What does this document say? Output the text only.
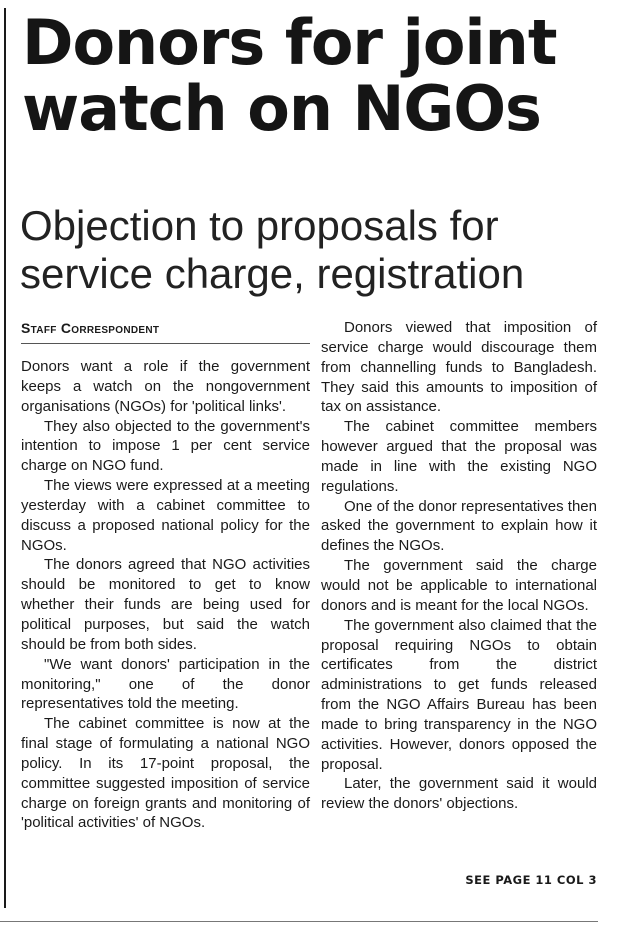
Donors for joint watch on NGOs
Objection to proposals for service charge, registration
Staff Correspondent

Donors want a role if the government keeps a watch on the nongovernment organisations (NGOs) for 'political links'.

They also objected to the government's intention to impose 1 per cent service charge on NGO fund.

The views were expressed at a meeting yesterday with a cabinet committee to discuss a proposed national policy for the NGOs.

The donors agreed that NGO activities should be monitored to get to know whether their funds are being used for political purposes, but said the watch should be from both sides.

"We want donors' participation in the monitoring," one of the donor representatives told the meeting.

The cabinet committee is now at the final stage of formulating a national NGO policy. In its 17-point proposal, the committee suggested imposition of service charge on foreign grants and monitoring of 'political activities' of NGOs.

Donors viewed that imposition of service charge would discourage them from channelling funds to Bangladesh. They said this amounts to imposition of tax on assistance.

The cabinet committee members however argued that the proposal was made in line with the existing NGO regulations.

One of the donor representatives then asked the government to explain how it defines the NGOs.

The government said the charge would not be applicable to international donors and is meant for the local NGOs.

The government also claimed that the proposal requiring NGOs to obtain certificates from the district administrations to get funds released from the NGO Affairs Bureau has been made to bring transparency in the NGO activities. However, donors opposed the proposal.

Later, the government said it would review the donors' objections.

SEE PAGE 11 COL 3
